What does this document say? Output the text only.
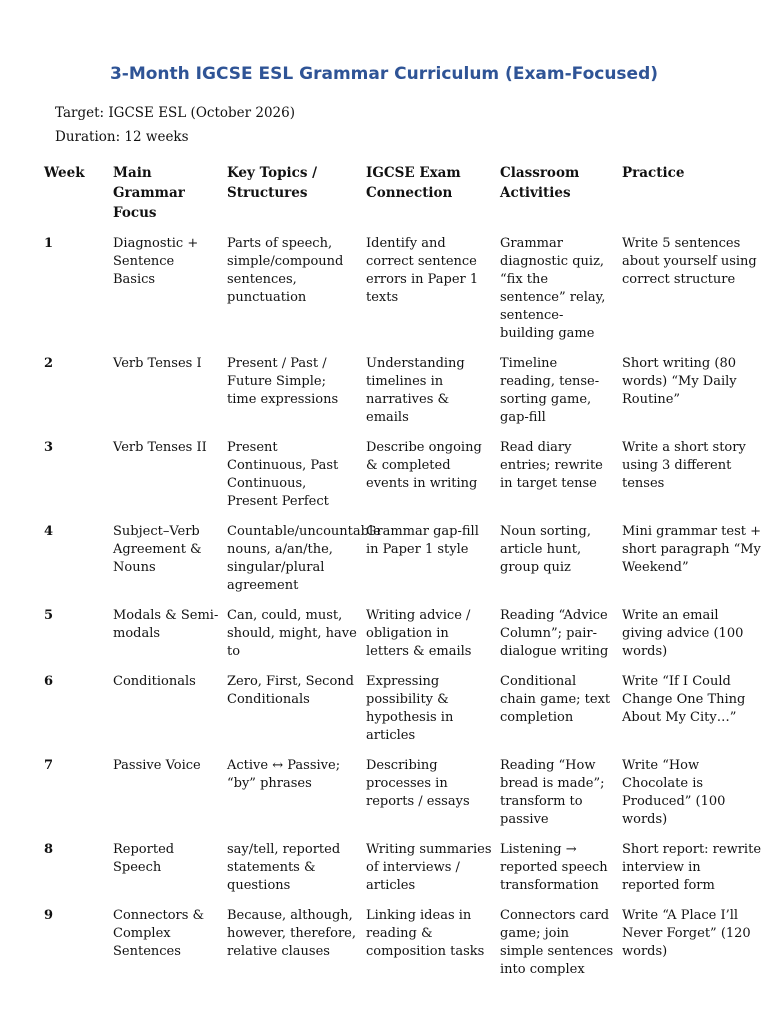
3-Month IGCSE ESL Grammar Curriculum (Exam-Focused)

Target: IGCSE ESL (October 2026)

Duration: 12 weeks

Week	Main Grammar Focus	Key Topics / Structures	IGCSE Exam Connection	Classroom Activities	Practice
1	Diagnostic + Sentence Basics	Parts of speech, simple/compound sentences, punctuation	Identify and correct sentence errors in Paper 1 texts	Grammar diagnostic quiz, “fix the sentence” relay, sentence-building game	Write 5 sentences about yourself using correct structure
2	Verb Tenses I	Present / Past / Future Simple; time expressions	Understanding timelines in narratives & emails	Timeline reading, tense-sorting game, gap-fill	Short writing (80 words) “My Daily Routine”
3	Verb Tenses II	Present Continuous, Past Continuous, Present Perfect	Describe ongoing & completed events in writing	Read diary entries; rewrite in target tense	Write a short story using 3 different tenses
4	Subject–Verb Agreement & Nouns	Countable/uncountable nouns, a/an/the, singular/plural agreement	Grammar gap-fill in Paper 1 style	Noun sorting, article hunt, group quiz	Mini grammar test + short paragraph “My Weekend”
5	Modals & Semi-modals	Can, could, must, should, might, have to	Writing advice / obligation in letters & emails	Reading “Advice Column”; pair-dialogue writing	Write an email giving advice (100 words)
6	Conditionals	Zero, First, Second Conditionals	Expressing possibility & hypothesis in articles	Conditional chain game; text completion	Write “If I Could Change One Thing About My City…”
7	Passive Voice	Active ↔ Passive; “by” phrases	Describing processes in reports / essays	Reading “How bread is made”; transform to passive	Write “How Chocolate is Produced” (100 words)
8	Reported Speech	say/tell, reported statements & questions	Writing summaries of interviews / articles	Listening → reported speech transformation	Short report: rewrite interview in reported form
9	Connectors & Complex Sentences	Because, although, however, therefore, relative clauses	Linking ideas in reading & composition tasks	Connectors card game; join simple sentences into complex	Write “A Place I’ll Never Forget” (120 words)
